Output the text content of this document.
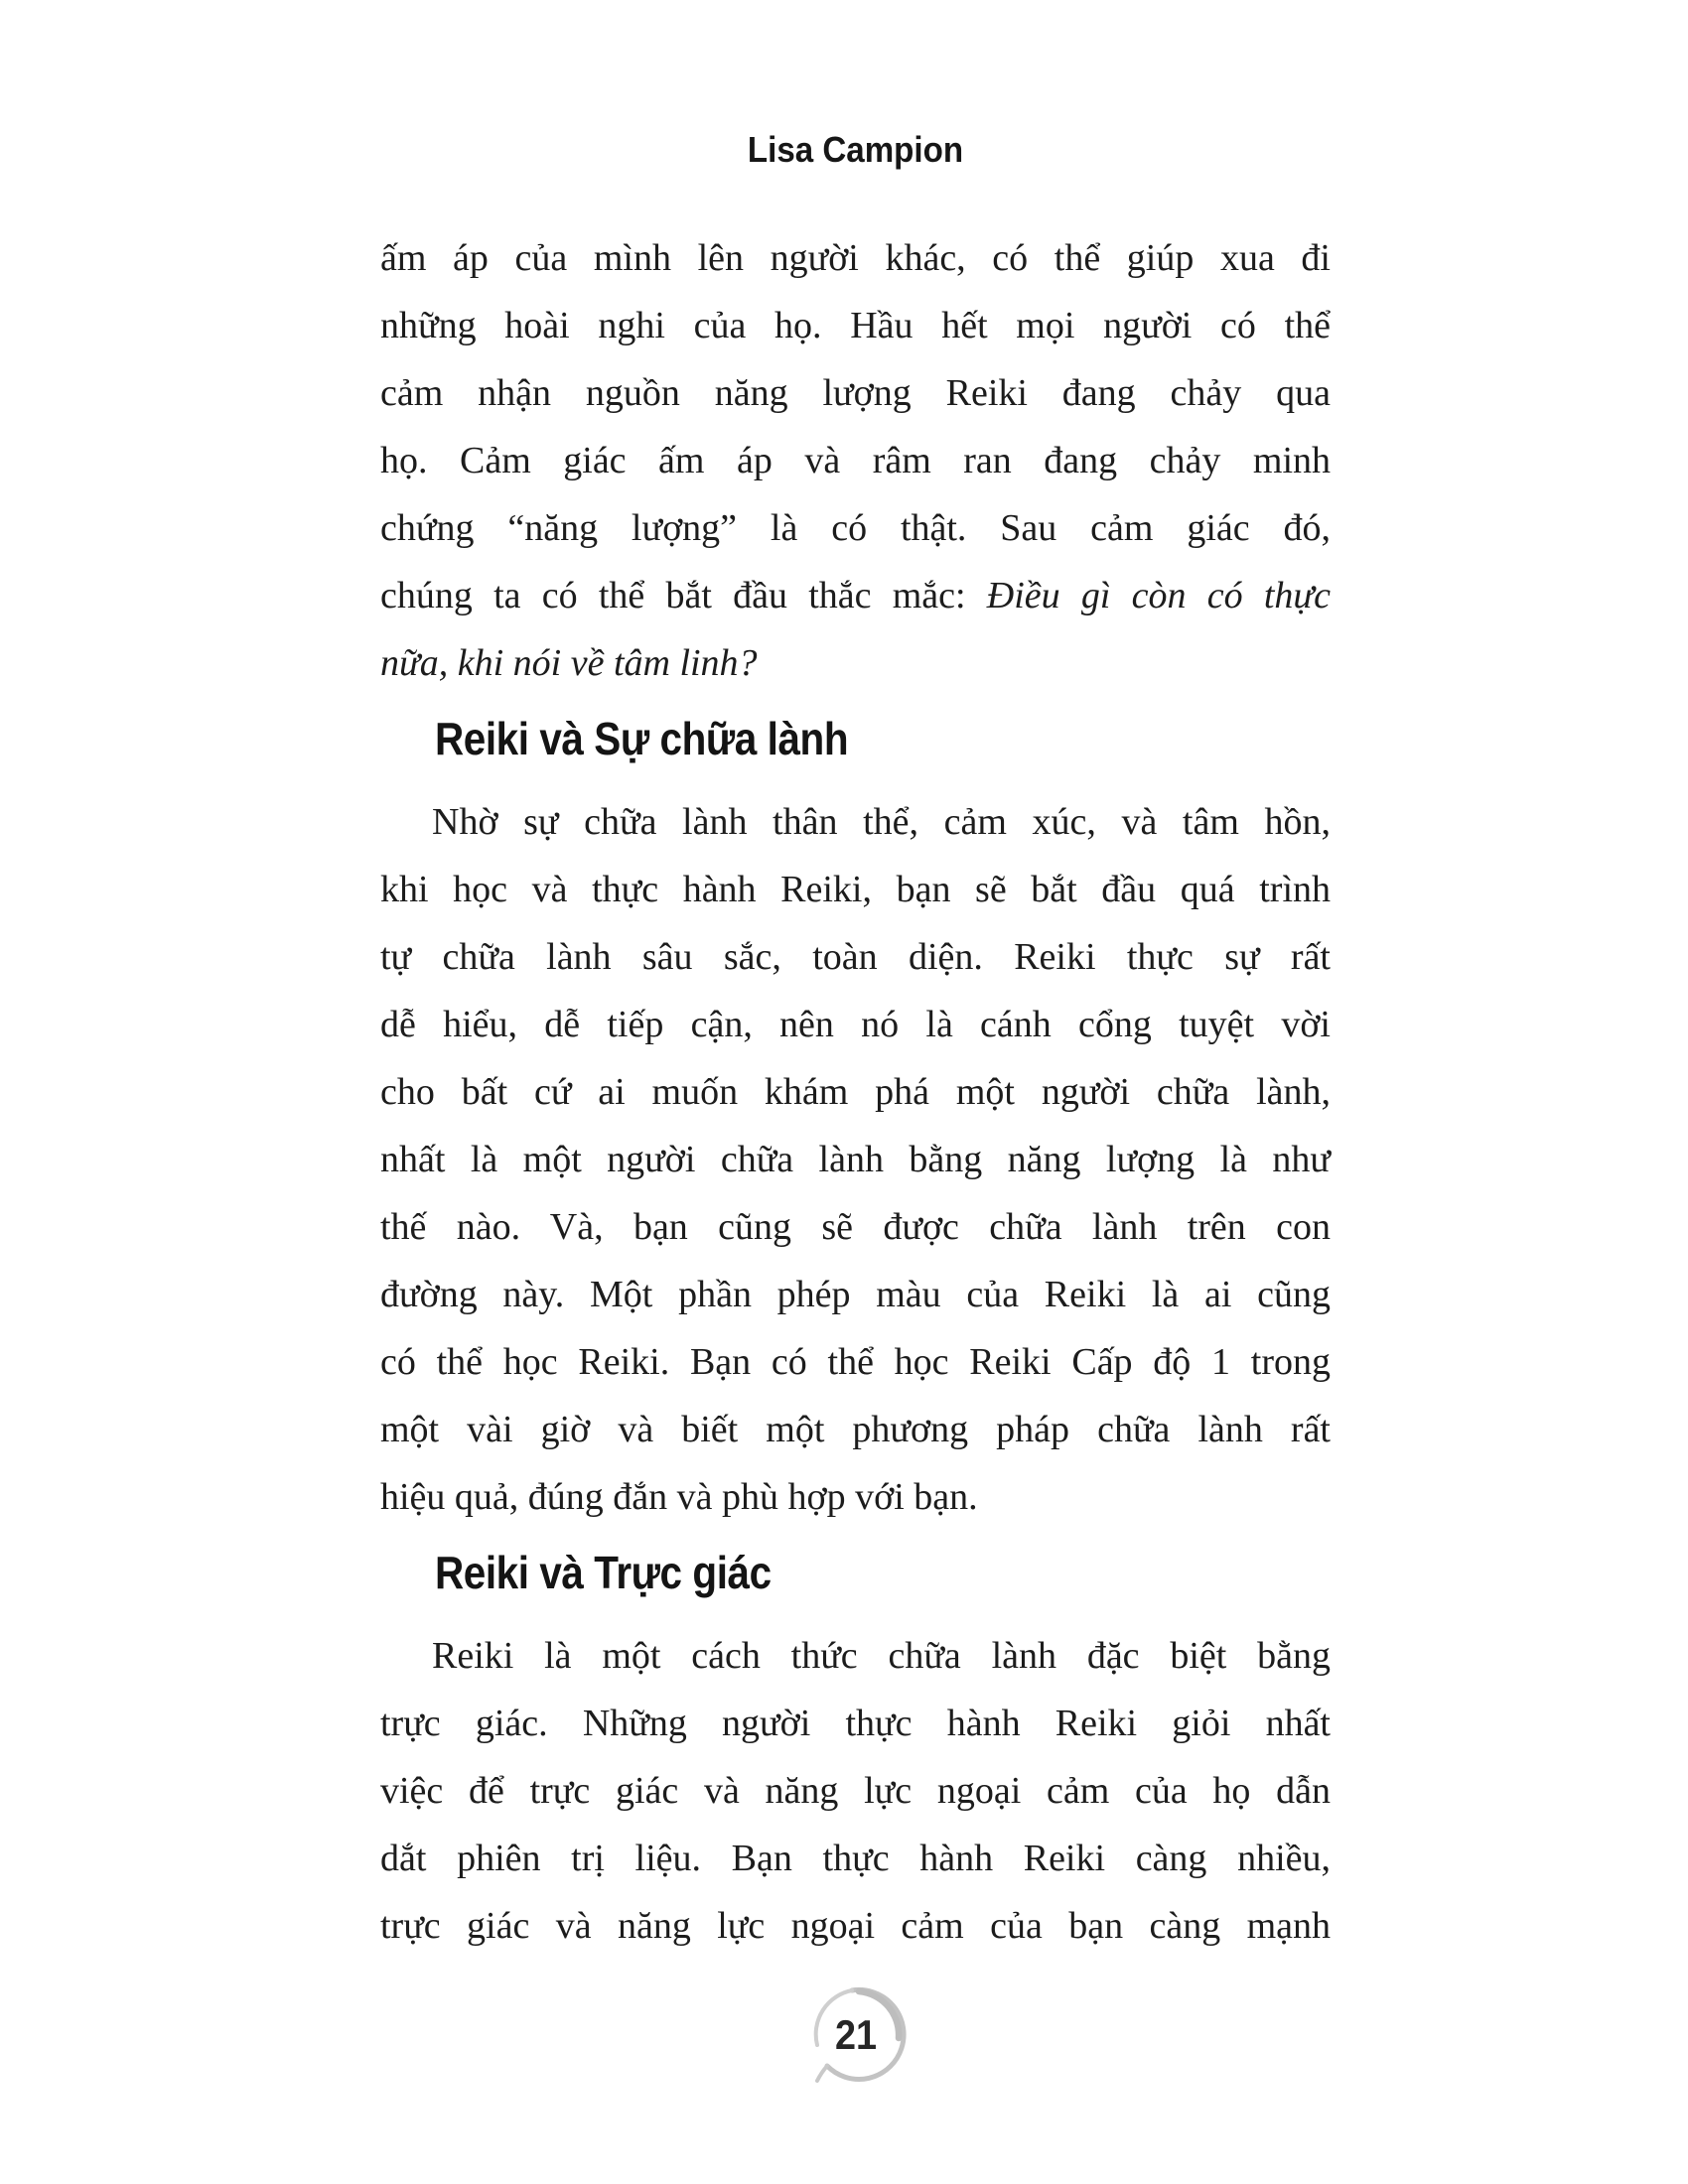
Lisa Campion
ấm áp của mình lên người khác, có thể giúp xua đi
những hoài nghi của họ. Hầu hết mọi người có thể
cảm nhận nguồn năng lượng Reiki đang chảy qua
họ. Cảm giác ấm áp và râm ran đang chảy minh
chứng “năng lượng” là có thật. Sau cảm giác đó,
chúng ta có thể bắt đầu thắc mắc: Điều gì còn có thực
nữa, khi nói về tâm linh?
Reiki và Sự chữa lành
Nhờ sự chữa lành thân thể, cảm xúc, và tâm hồn,
khi học và thực hành Reiki, bạn sẽ bắt đầu quá trình
tự chữa lành sâu sắc, toàn diện. Reiki thực sự rất
dễ hiểu, dễ tiếp cận, nên nó là cánh cổng tuyệt vời
cho bất cứ ai muốn khám phá một người chữa lành,
nhất là một người chữa lành bằng năng lượng là như
thế nào. Và, bạn cũng sẽ được chữa lành trên con
đường này. Một phần phép màu của Reiki là ai cũng
có thể học Reiki. Bạn có thể học Reiki Cấp độ 1 trong
một vài giờ và biết một phương pháp chữa lành rất
hiệu quả, đúng đắn và phù hợp với bạn.
Reiki và Trực giác
Reiki là một cách thức chữa lành đặc biệt bằng
trực giác. Những người thực hành Reiki giỏi nhất
việc để trực giác và năng lực ngoại cảm của họ dẫn
dắt phiên trị liệu. Bạn thực hành Reiki càng nhiều,
trực giác và năng lực ngoại cảm của bạn càng mạnh
21
